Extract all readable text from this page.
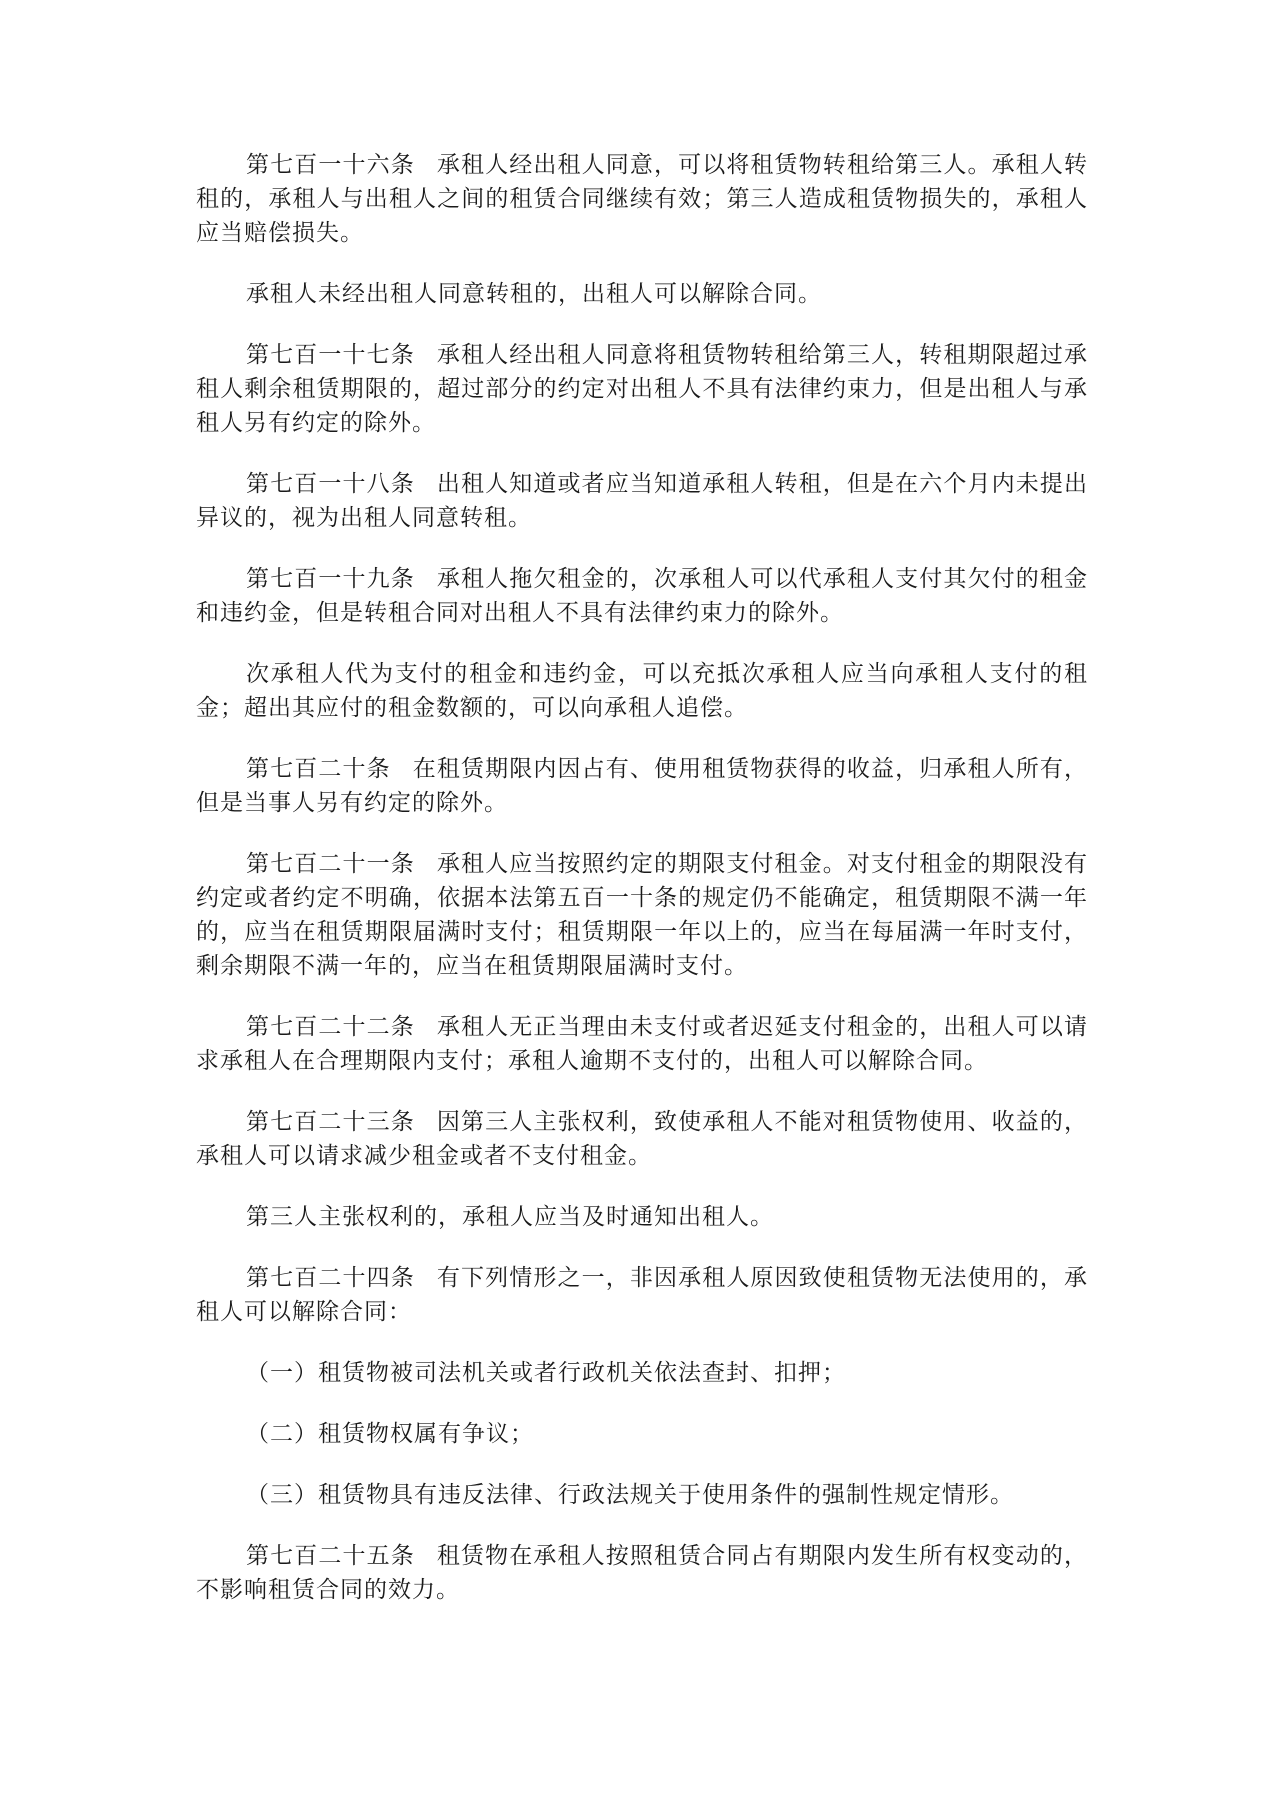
第七百一十六条 承租人经出租人同意，可以将租赁物转租给第三人。承租人转租的，承租人与出租人之间的租赁合同继续有效；第三人造成租赁物损失的，承租人应当赔偿损失。

承租人未经出租人同意转租的，出租人可以解除合同。

第七百一十七条 承租人经出租人同意将租赁物转租给第三人，转租期限超过承租人剩余租赁期限的，超过部分的约定对出租人不具有法律约束力，但是出租人与承租人另有约定的除外。

第七百一十八条 出租人知道或者应当知道承租人转租，但是在六个月内未提出异议的，视为出租人同意转租。

第七百一十九条 承租人拖欠租金的，次承租人可以代承租人支付其欠付的租金和违约金，但是转租合同对出租人不具有法律约束力的除外。

次承租人代为支付的租金和违约金，可以充抵次承租人应当向承租人支付的租金；超出其应付的租金数额的，可以向承租人追偿。

第七百二十条 在租赁期限内因占有、使用租赁物获得的收益，归承租人所有，但是当事人另有约定的除外。

第七百二十一条 承租人应当按照约定的期限支付租金。对支付租金的期限没有约定或者约定不明确，依据本法第五百一十条的规定仍不能确定，租赁期限不满一年的，应当在租赁期限届满时支付；租赁期限一年以上的，应当在每届满一年时支付，剩余期限不满一年的，应当在租赁期限届满时支付。

第七百二十二条 承租人无正当理由未支付或者迟延支付租金的，出租人可以请求承租人在合理期限内支付；承租人逾期不支付的，出租人可以解除合同。

第七百二十三条 因第三人主张权利，致使承租人不能对租赁物使用、收益的，承租人可以请求减少租金或者不支付租金。

第三人主张权利的，承租人应当及时通知出租人。

第七百二十四条 有下列情形之一，非因承租人原因致使租赁物无法使用的，承租人可以解除合同：

（一）租赁物被司法机关或者行政机关依法查封、扣押；

（二）租赁物权属有争议；

（三）租赁物具有违反法律、行政法规关于使用条件的强制性规定情形。

第七百二十五条 租赁物在承租人按照租赁合同占有期限内发生所有权变动的，不影响租赁合同的效力。
